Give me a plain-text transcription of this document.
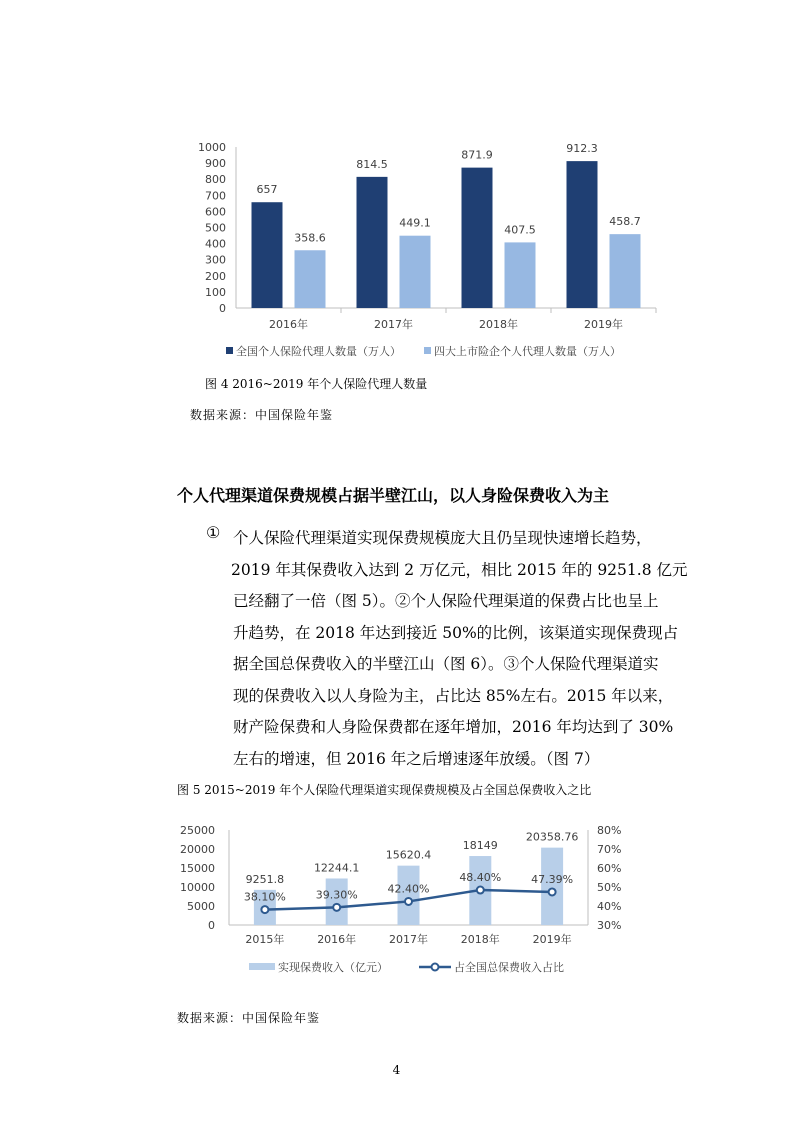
0
100
200
300
400
500
600
700
800
900
1000
2016年
657
358.6
2017年
814.5
449.1
2018年
871.9
407.5
2019年
912.3
458.7
全国个人保险代理人数量（万人）	四大上市险企个人代理人数量（万人）
图 4 2016~2019 年个人保险代理人数量
数据来源：中国保险年鉴
个人代理渠道保费规模占据半壁江山，以人身险保费收入为主
① 个人保险代理渠道实现保费规模庞大且仍呈现快速增长趋势，
2019 年其保费收入达到 2 万亿元，相比 2015 年的 9251.8 亿元
已经翻了一倍（图 5）。②个人保险代理渠道的保费占比也呈上
升趋势，在 2018 年达到接近 50%的比例，该渠道实现保费现占
据全国总保费收入的半壁江山（图 6）。③个人保险代理渠道实
现的保费收入以人身险为主，占比达 85%左右。2015 年以来，
财产险保费和人身险保费都在逐年增加，2016 年均达到了 30%
左右的增速，但 2016 年之后增速逐年放缓。（图 7）
图 5 2015~2019 年个人保险代理渠道实现保费规模及占全国总保费收入之比
0
5000
10000
15000
20000
25000
30%
40%
50%
60%
70%
80%
2015年
9251.8
2016年
12244.1
2017年
15620.4
2018年
18149
2019年
20358.76
38.10%	39.30%	42.40%
48.40%	47.39%
实现保费收入（亿元）	占全国总保费收入占比
数据来源：中国保险年鉴
4
